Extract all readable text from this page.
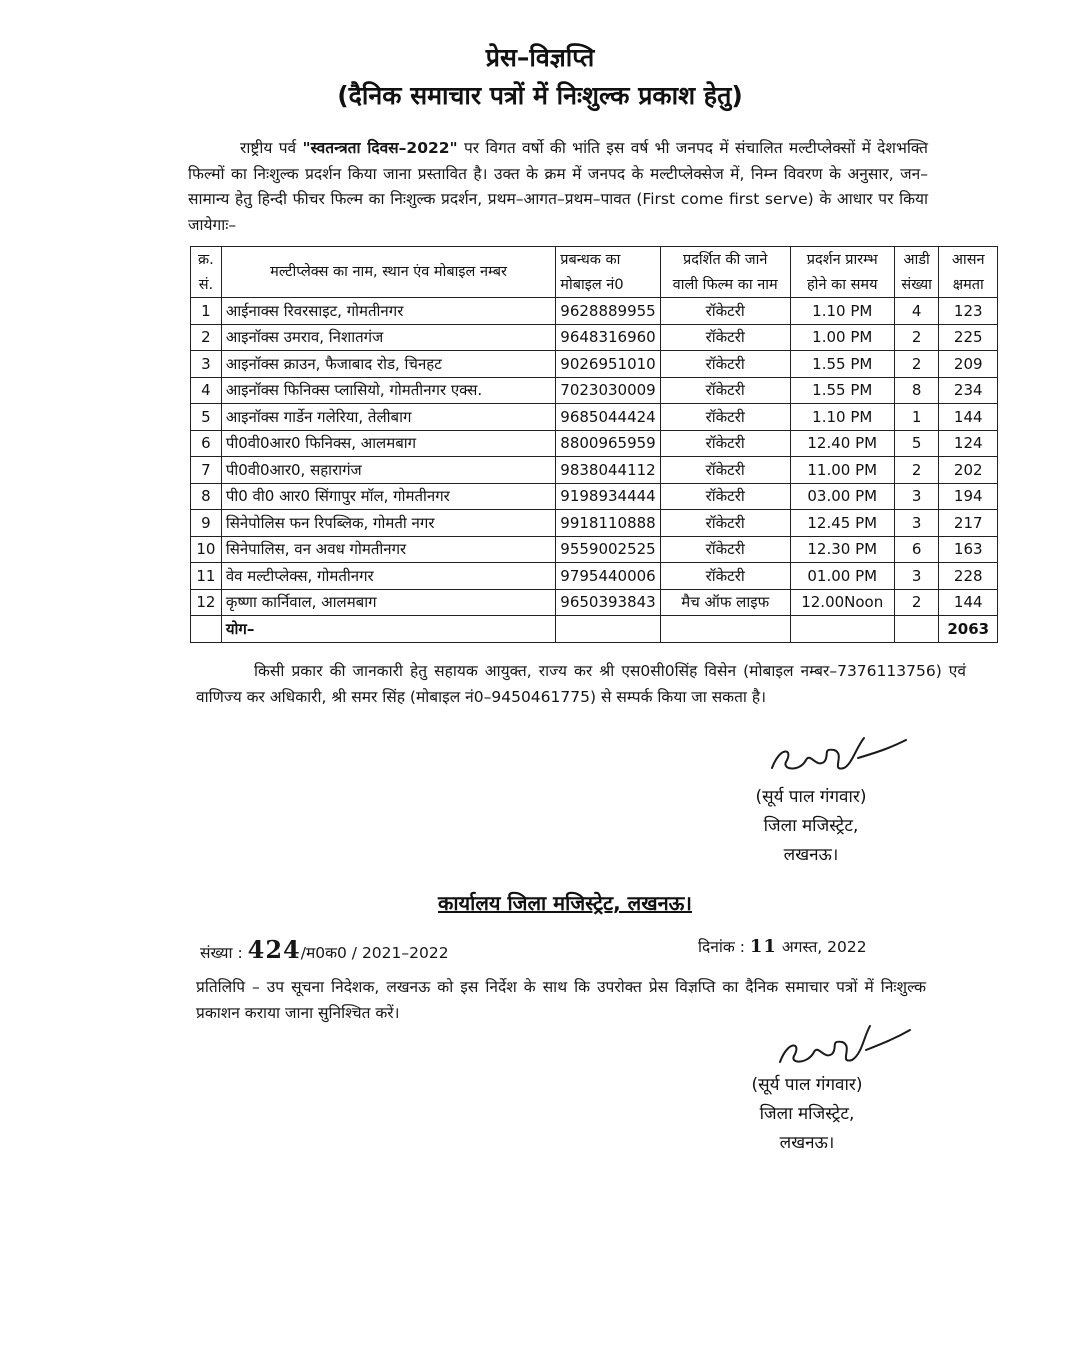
प्रेस–विज्ञप्ति
(दैनिक समाचार पत्रों में निःशुल्क प्रकाश हेतु)
राष्ट्रीय पर्व "स्वतन्त्रता दिवस–2022" पर विगत वर्षो की भांति इस वर्ष भी जनपद में संचालित मल्टीप्लेक्सों में देशभक्ति फिल्मों का निःशुल्क प्रदर्शन किया जाना प्रस्तावित है। उक्त के क्रम में जनपद के मल्टीप्लेक्सेज में, निम्न विवरण के अनुसार, जन–सामान्य हेतु हिन्दी फीचर फिल्म का निःशुल्क प्रदर्शन, प्रथम–आगत–प्रथम–पावत (First come first serve) के आधार पर किया जायेगाः–
क्र.	मल्टीप्लेक्स का नाम, स्थान एंव मोबाइल नम्बर	प्रबन्धक का	प्रदर्शित की जाने	प्रदर्शन प्रारम्भ	आडी	आसन
सं.		मोबाइल नं0	वाली फिल्म का नाम	होने का समय	संख्या	क्षमता
1	आईनाक्स रिवरसाइट, गोमतीनगर	9628889955	रॉकेटरी	1.10 PM	4	123
2	आइनॉक्स उमराव, निशातगंज	9648316960	रॉकेटरी	1.00 PM	2	225
3	आइनॉक्स क्राउन, फैजाबाद रोड, चिनहट	9026951010	रॉकेटरी	1.55 PM	2	209
4	आइनॉक्स फिनिक्स प्लासियो, गोमतीनगर एक्स.	7023030009	रॉकेटरी	1.55 PM	8	234
5	आइनॉक्स गार्डेन गलेरिया, तेलीबाग	9685044424	रॉकेटरी	1.10 PM	1	144
6	पी0वी0आर0 फिनिक्स, आलमबाग	8800965959	रॉकेटरी	12.40 PM	5	124
7	पी0वी0आर0, सहारागंज	9838044112	रॉकेटरी	11.00 PM	2	202
8	पी0 वी0 आर0 सिंगापुर मॉल, गोमतीनगर	9198934444	रॉकेटरी	03.00 PM	3	194
9	सिनेपोलिस फन रिपब्लिक, गोमती नगर	9918110888	रॉकेटरी	12.45 PM	3	217
10	सिनेपालिस, वन अवध गोमतीनगर	9559002525	रॉकेटरी	12.30 PM	6	163
11	वेव मल्टीप्लेक्स, गोमतीनगर	9795440006	रॉकेटरी	01.00 PM	3	228
12	कृष्णा कार्निवाल, आलमबाग	9650393843	मैच ऑफ लाइफ	12.00Noon	2	144
	योग–					2063
किसी प्रकार की जानकारी हेतु सहायक आयुक्त, राज्य कर श्री एस0सी0सिंह विसेन (मोबाइल नम्बर–7376113756) एवं वाणिज्य कर अधिकारी, श्री समर सिंह (मोबाइल नं0–9450461775) से सम्पर्क किया जा सकता है।
(सूर्य पाल गंगवार)
जिला मजिस्ट्रेट,
लखनऊ।
कार्यालय जिला मजिस्ट्रेट, लखनऊ।
संख्या : 424/म0क0 / 2021–2022	दिनांक : 11 अगस्त, 2022
प्रतिलिपि – उप सूचना निदेशक, लखनऊ को इस निर्देश के साथ कि उपरोक्त प्रेस विज्ञप्ति का दैनिक समाचार पत्रों में निःशुल्क प्रकाशन कराया जाना सुनिश्चित करें।
(सूर्य पाल गंगवार)
जिला मजिस्ट्रेट,
लखनऊ।
